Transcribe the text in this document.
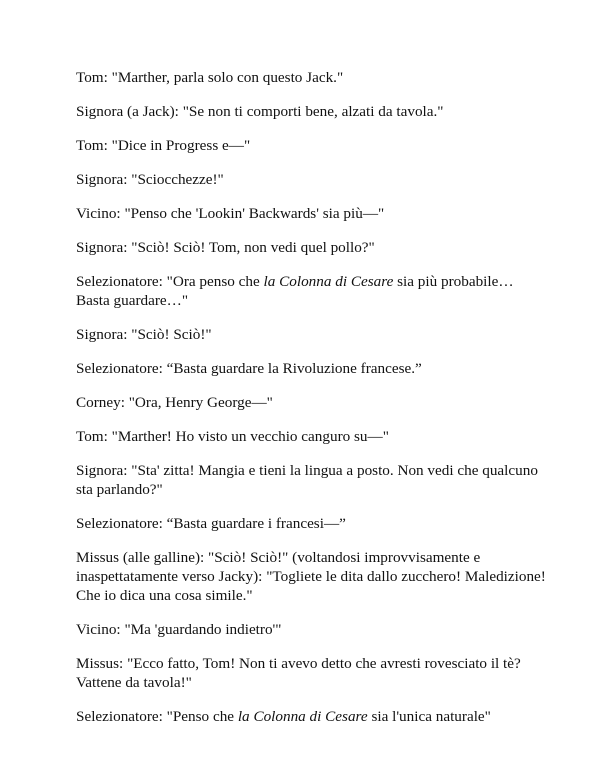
Tom: "Marther, parla solo con questo Jack."

Signora (a Jack): "Se non ti comporti bene, alzati da tavola."

Tom: "Dice in Progress e—"

Signora: "Sciocchezze!"

Vicino: "Penso che 'Lookin' Backwards' sia più—"

Signora: "Sciò! Sciò! Tom, non vedi quel pollo?"

Selezionatore: "Ora penso che la Colonna di Cesare sia più probabile… Basta guardare…"

Signora: "Sciò! Sciò!"

Selezionatore: “Basta guardare la Rivoluzione francese.”

Corney: "Ora, Henry George—"

Tom: "Marther! Ho visto un vecchio canguro su—"

Signora: "Sta' zitta! Mangia e tieni la lingua a posto. Non vedi che qualcuno sta parlando?"

Selezionatore: “Basta guardare i francesi—”

Missus (alle galline): "Sciò! Sciò!" (voltandosi improvvisamente e inaspettatamente verso Jacky): "Togliete le dita dallo zucchero! Maledizione! Che io dica una cosa simile."

Vicino: "Ma 'guardando indietro'"

Missus: "Ecco fatto, Tom! Non ti avevo detto che avresti rovesciato il tè? Vattene da tavola!"

Selezionatore: "Penso che la Colonna di Cesare sia l'unica naturale"
